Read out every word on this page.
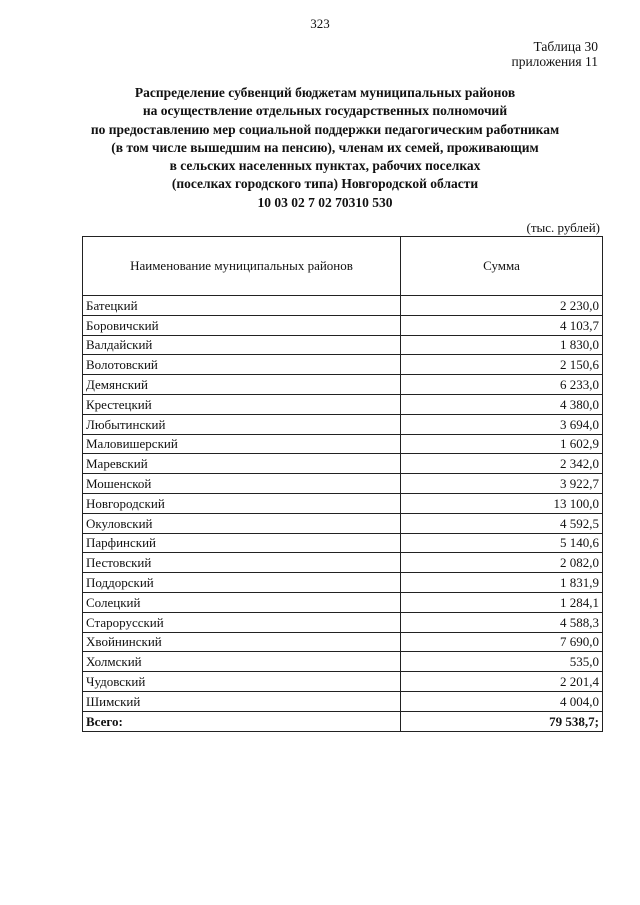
323
Таблица 30
приложения 11
Распределение субвенций бюджетам муниципальных районов
на осуществление отдельных государственных полномочий
по предоставлению мер социальной поддержки педагогическим работникам
(в том числе вышедшим на пенсию), членам их семей, проживающим
в сельских населенных пунктах, рабочих поселках
(поселках городского типа) Новгородской области
10 03 02 7 02 70310 530
(тыс. рублей)
Наименование муниципальных районов	Сумма
Батецкий	2 230,0
Боровичский	4 103,7
Валдайский	1 830,0
Волотовский	2 150,6
Демянский	6 233,0
Крестецкий	4 380,0
Любытинский	3 694,0
Маловишерский	1 602,9
Маревский	2 342,0
Мошенской	3 922,7
Новгородский	13 100,0
Окуловский	4 592,5
Парфинский	5 140,6
Пестовский	2 082,0
Поддорский	1 831,9
Солецкий	1 284,1
Старорусский	4 588,3
Хвойнинский	7 690,0
Холмский	535,0
Чудовский	2 201,4
Шимский	4 004,0
Всего:	79 538,7;
